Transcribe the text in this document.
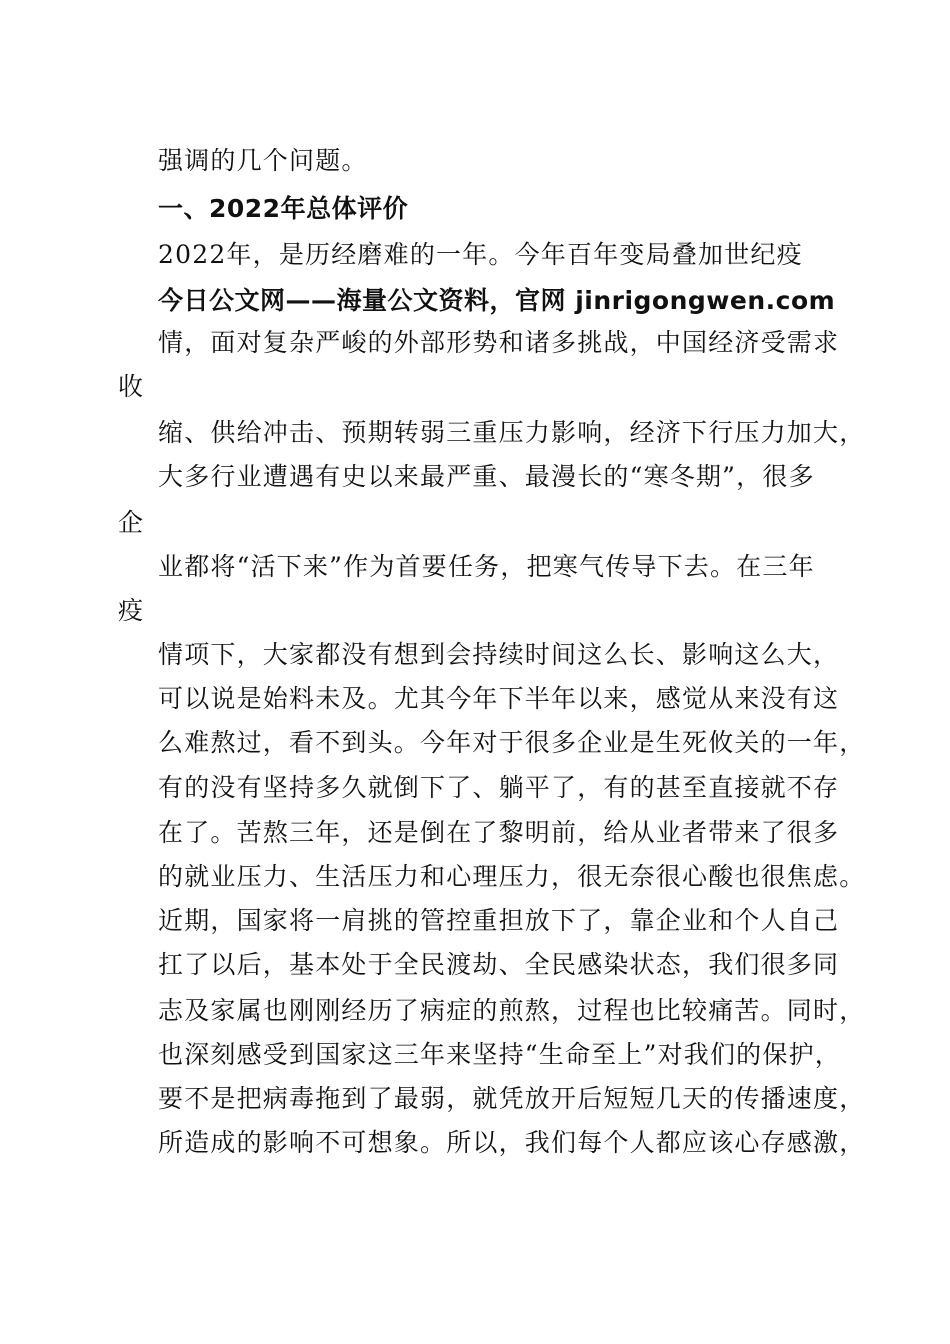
强调的几个问题。
一、2022年总体评价
2022年，是历经磨难的一年。今年百年变局叠加世纪疫
今日公文网——海量公文资料，官网 jinrigongwen.com
情，面对复杂严峻的外部形势和诸多挑战，中国经济受需求
收
缩、供给冲击、预期转弱三重压力影响，经济下行压力加大，
大多行业遭遇有史以来最严重、最漫长的“寒冬期”，很多
企
业都将“活下来”作为首要任务，把寒气传导下去。在三年
疫
情项下，大家都没有想到会持续时间这么长、影响这么大，
可以说是始料未及。尤其今年下半年以来，感觉从来没有这
么难熬过，看不到头。今年对于很多企业是生死攸关的一年，
有的没有坚持多久就倒下了、躺平了，有的甚至直接就不存
在了。苦熬三年，还是倒在了黎明前，给从业者带来了很多
的就业压力、生活压力和心理压力，很无奈很心酸也很焦虑。
近期，国家将一肩挑的管控重担放下了，靠企业和个人自己
扛了以后，基本处于全民渡劫、全民感染状态，我们很多同
志及家属也刚刚经历了病症的煎熬，过程也比较痛苦。同时，
也深刻感受到国家这三年来坚持“生命至上”对我们的保护，
要不是把病毒拖到了最弱，就凭放开后短短几天的传播速度，
所造成的影响不可想象。所以，我们每个人都应该心存感激，
